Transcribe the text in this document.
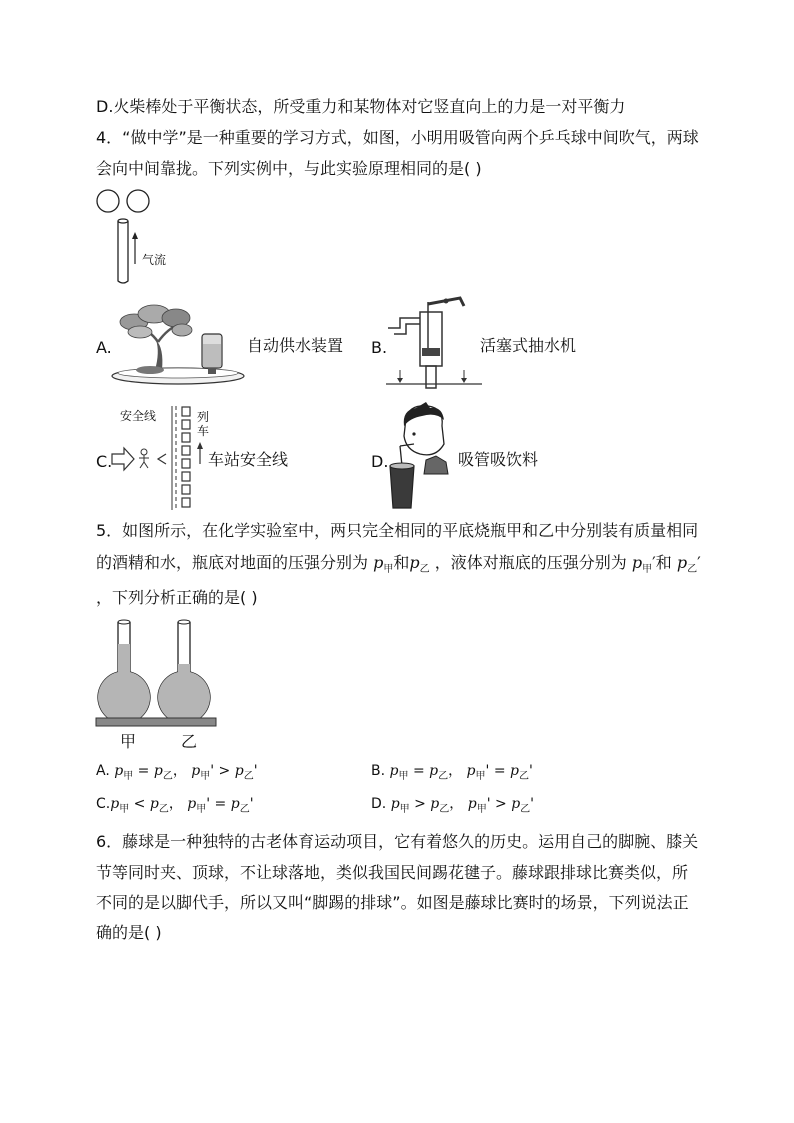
D.火柴棒处于平衡状态，所受重力和某物体对它竖直向上的力是一对平衡力
4．“做中学”是一种重要的学习方式，如图，小明用吸管向两个乒乓球中间吹气，两球
会向中间靠拢。下列实例中，与此实验原理相同的是( )
气流
A.	自动供水装置 B.	活塞式抽水机
安全线	列
车
C.	车站安全线	D.	吸管吸饮料
5．如图所示，在化学实验室中，两只完全相同的平底烧瓶甲和乙中分别装有质量相同
的酒精和水，瓶底对地面的压强分别为 $p_甲$和$p_乙$ ，液体对瓶底的压强分别为 $p_甲'$和 $p_乙'$
，下列分析正确的是( )
甲	乙
A. $p_甲 = p_乙$， $p_甲' > p_乙'$	B. $p_甲 = p_乙$， $p_甲' = p_乙'$
$C.p_甲 < p_乙$， $p_甲' = p_乙'$	D. $p_甲 > p_乙$， $p_甲' > p_乙'$
6．藤球是一种独特的古老体育运动项目，它有着悠久的历史。运用自己的脚腕、膝关
节等同时夹、顶球，不让球落地，类似我国民间踢花毽子。藤球跟排球比赛类似，所
不同的是以脚代手，所以又叫“脚踢的排球”。如图是藤球比赛时的场景，下列说法正
确的是( )
